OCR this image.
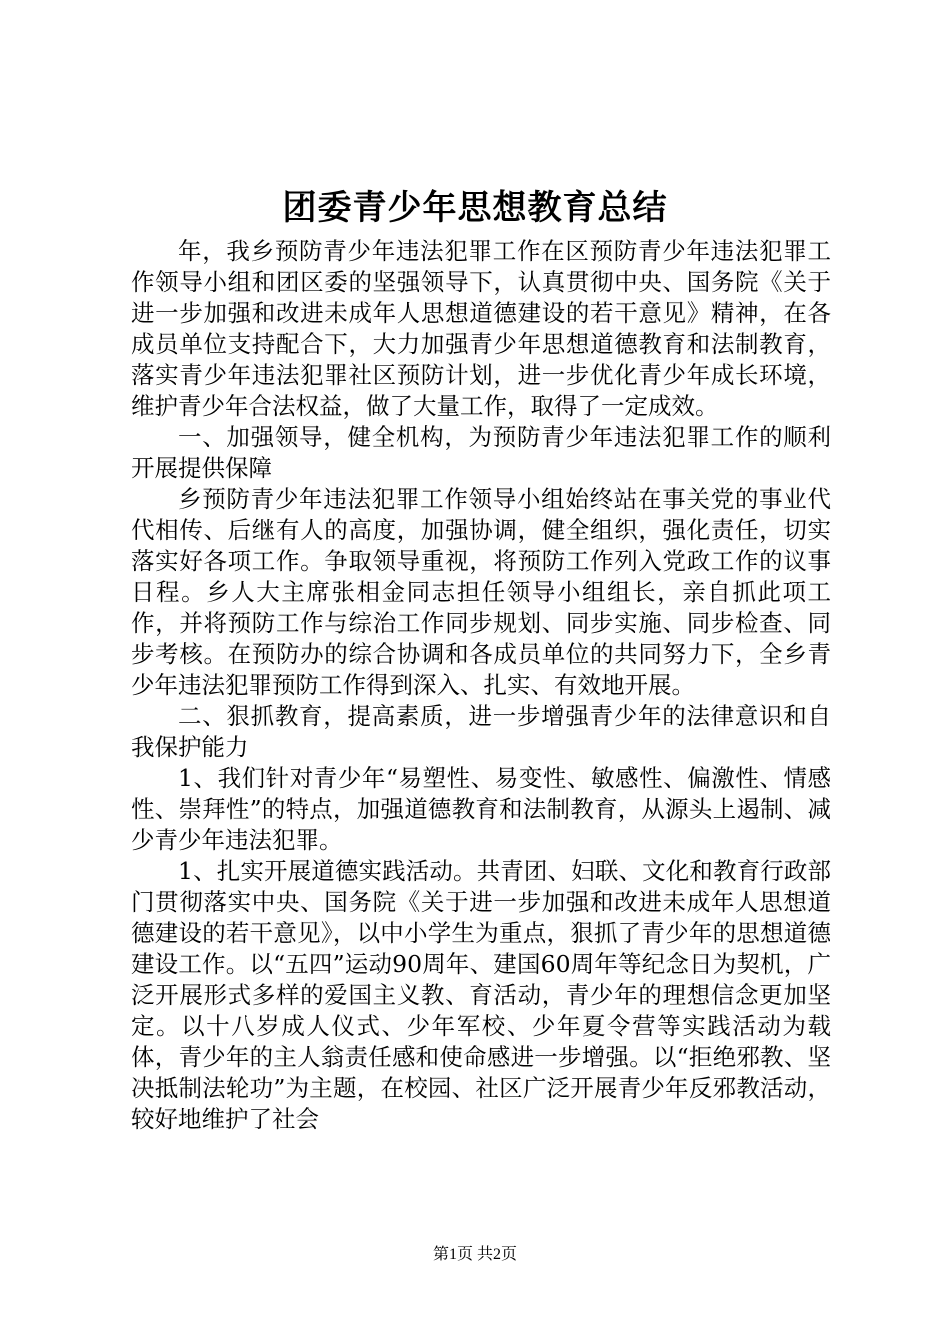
团委青少年思想教育总结

年，我乡预防青少年违法犯罪工作在区预防青少年违法犯罪工作领导小组和团区委的坚强领导下，认真贯彻中央、国务院《关于进一步加强和改进未成年人思想道德建设的若干意见》精神，在各成员单位支持配合下，大力加强青少年思想道德教育和法制教育，落实青少年违法犯罪社区预防计划，进一步优化青少年成长环境，维护青少年合法权益，做了大量工作，取得了一定成效。

一、加强领导，健全机构，为预防青少年违法犯罪工作的顺利开展提供保障

乡预防青少年违法犯罪工作领导小组始终站在事关党的事业代代相传、后继有人的高度，加强协调，健全组织，强化责任，切实落实好各项工作。争取领导重视，将预防工作列入党政工作的议事日程。乡人大主席张相金同志担任领导小组组长，亲自抓此项工作，并将预防工作与综治工作同步规划、同步实施、同步检查、同步考核。在预防办的综合协调和各成员单位的共同努力下，全乡青少年违法犯罪预防工作得到深入、扎实、有效地开展。

二、狠抓教育，提高素质，进一步增强青少年的法律意识和自我保护能力

1、我们针对青少年“易塑性、易变性、敏感性、偏激性、情感性、崇拜性”的特点，加强道德教育和法制教育，从源头上遏制、减少青少年违法犯罪。

1、扎实开展道德实践活动。共青团、妇联、文化和教育行政部门贯彻落实中央、国务院《关于进一步加强和改进未成年人思想道德建设的若干意见》，以中小学生为重点，狠抓了青少年的思想道德建设工作。以“五四”运动90周年、建国60周年等纪念日为契机，广泛开展形式多样的爱国主义教、育活动，青少年的理想信念更加坚定。以十八岁成人仪式、少年军校、少年夏令营等实践活动为载体，青少年的主人翁责任感和使命感进一步增强。以“拒绝邪教、坚决抵制法轮功”为主题，在校园、社区广泛开展青少年反邪教活动，较好地维护了社会

第1页 共2页
